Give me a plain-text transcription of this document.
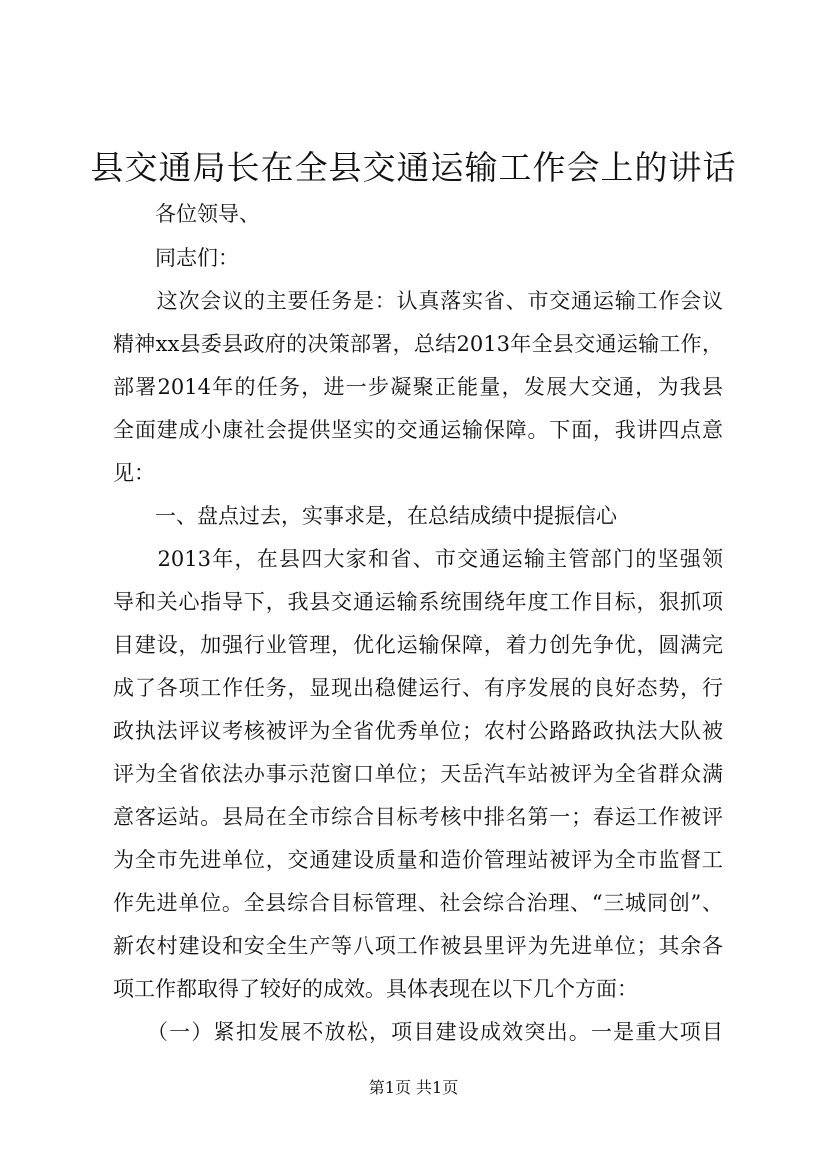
县交通局长在全县交通运输工作会上的讲话
　　各位领导、
　　同志们：
　　这次会议的主要任务是：认真落实省、市交通运输工作会议
精神xx县委县政府的决策部署，总结2013年全县交通运输工作，
部署2014年的任务，进一步凝聚正能量，发展大交通，为我县
全面建成小康社会提供坚实的交通运输保障。下面，我讲四点意
见：
　　一、盘点过去，实事求是，在总结成绩中提振信心
　　2013年，在县四大家和省、市交通运输主管部门的坚强领
导和关心指导下，我县交通运输系统围绕年度工作目标，狠抓项
目建设，加强行业管理，优化运输保障，着力创先争优，圆满完
成了各项工作任务，显现出稳健运行、有序发展的良好态势，行
政执法评议考核被评为全省优秀单位；农村公路路政执法大队被
评为全省依法办事示范窗口单位；天岳汽车站被评为全省群众满
意客运站。县局在全市综合目标考核中排名第一；春运工作被评
为全市先进单位，交通建设质量和造价管理站被评为全市监督工
作先进单位。全县综合目标管理、社会综合治理、“三城同创”、
新农村建设和安全生产等八项工作被县里评为先进单位；其余各
项工作都取得了较好的成效。具体表现在以下几个方面：
　　（一）紧扣发展不放松，项目建设成效突出。一是重大项目
第1页 共1页
